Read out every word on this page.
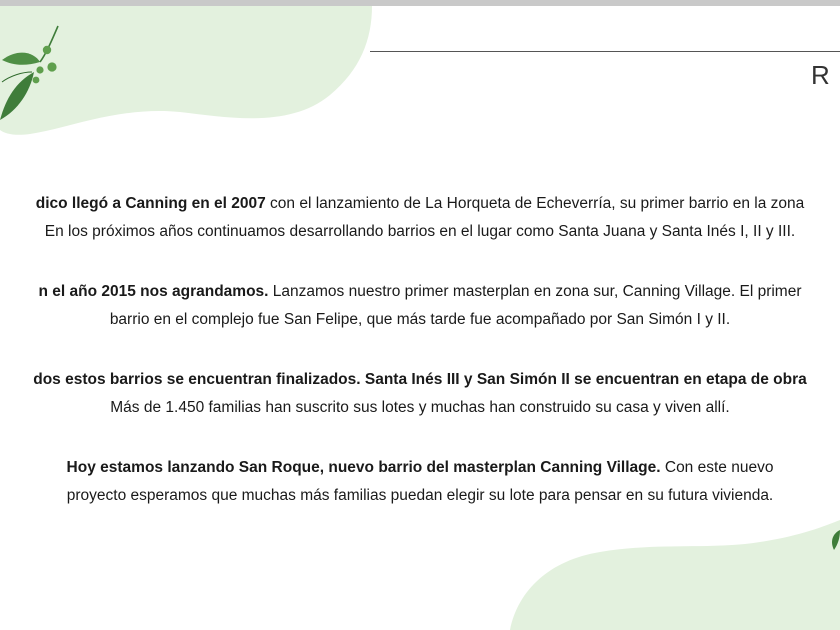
R
dico llegó a Canning en el 2007 con el lanzamiento de La Horqueta de Echeverría, su primer barrio en la zona
En los próximos años continuamos desarrollando barrios en el lugar como Santa Juana y Santa Inés I, II y III.
n el año 2015 nos agrandamos. Lanzamos nuestro primer masterplan en zona sur, Canning Village. El primer
barrio en el complejo fue San Felipe, que más tarde fue acompañado por San Simón I y II.
dos estos barrios se encuentran finalizados. Santa Inés III y San Simón II se encuentran en etapa de obra
Más de 1.450 familias han suscrito sus lotes y muchas han construido su casa y viven allí.
Hoy estamos lanzando San Roque, nuevo barrio del masterplan Canning Village. Con este nuevo
proyecto esperamos que muchas más familias puedan elegir su lote para pensar en su futura vivienda.
